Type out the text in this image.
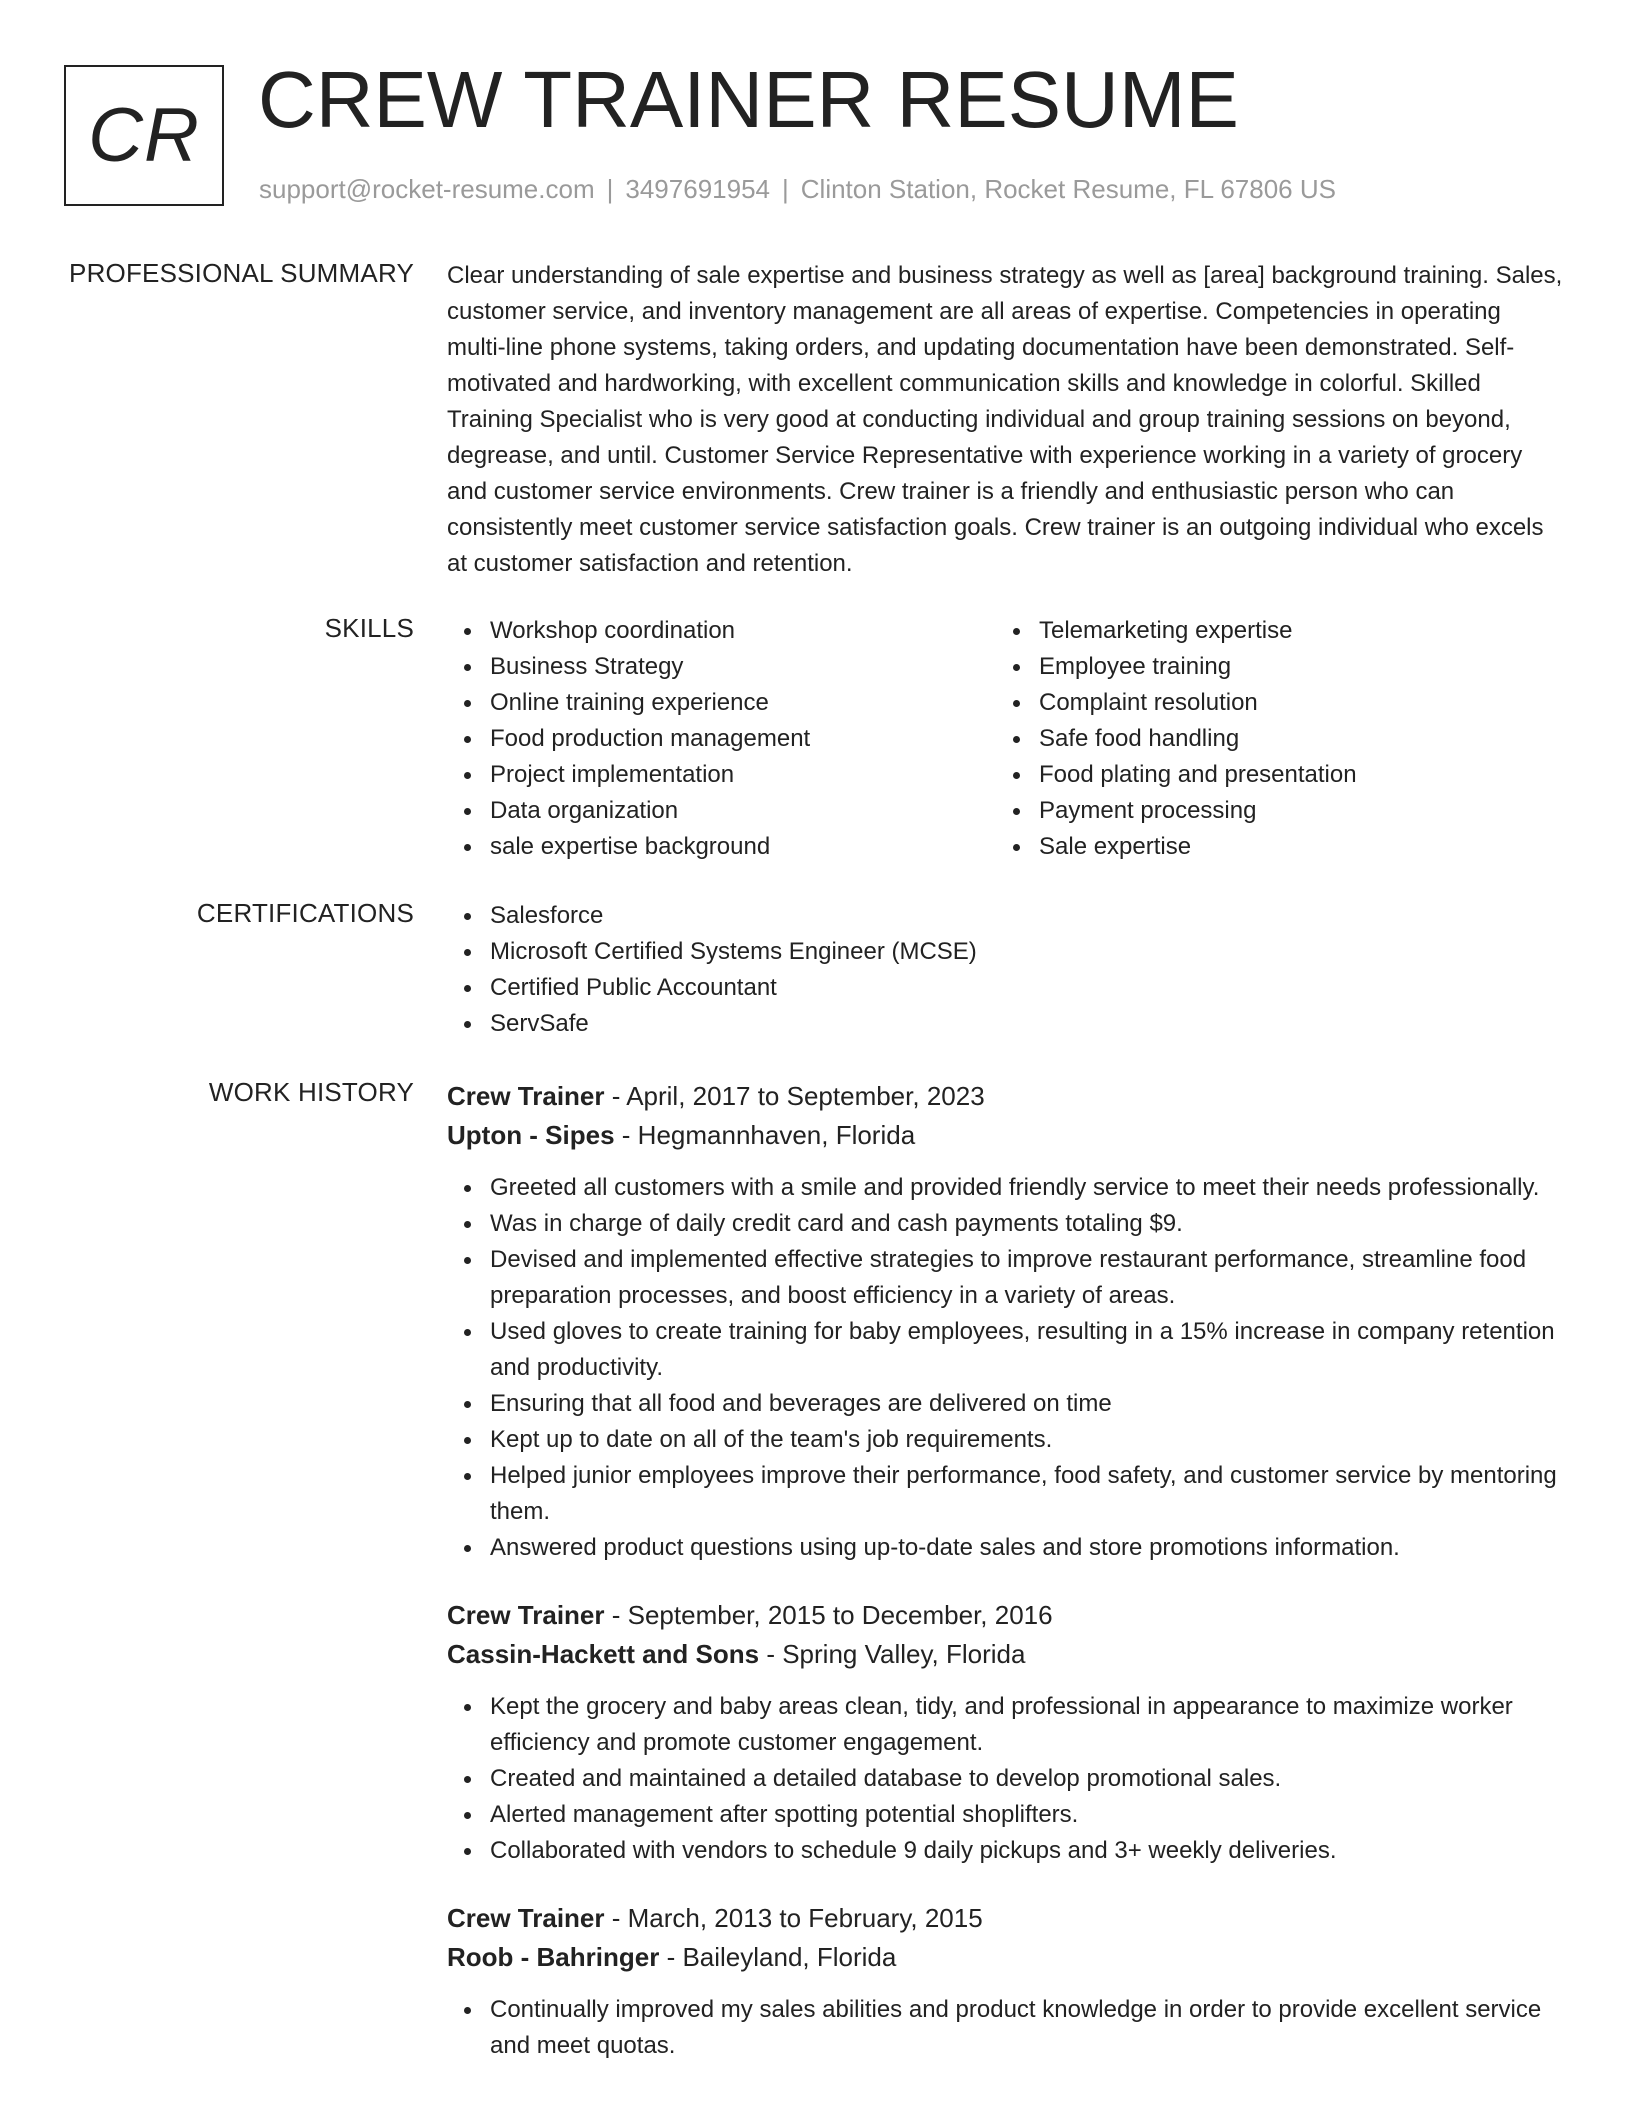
CR CREW TRAINER RESUME
support@rocket-resume.com | 3497691954 | Clinton Station, Rocket Resume, FL 67806 US
PROFESSIONAL SUMMARY Clear understanding of sale expertise and business strategy as well as [area] background training. Sales, customer service, and inventory management are all areas of expertise. Competencies in operating multi-line phone systems, taking orders, and updating documentation have been demonstrated. Self-motivated and hardworking, with excellent communication skills and knowledge in colorful. Skilled Training Specialist who is very good at conducting individual and group training sessions on beyond, degrease, and until. Customer Service Representative with experience working in a variety of grocery and customer service environments. Crew trainer is a friendly and enthusiastic person who can consistently meet customer service satisfaction goals. Crew trainer is an outgoing individual who excels at customer satisfaction and retention.

SKILLS	Workshop coordination
Business Strategy
Online training experience
Food production management
Project implementation
Data organization
sale expertise background
Telemarketing expertise
Employee training
Complaint resolution
Safe food handling
Food plating and presentation
Payment processing
Sale expertise
CERTIFICATIONS	Salesforce
Microsoft Certified Systems Engineer (MCSE)
Certified Public Accountant
ServSafe
WORK HISTORY Crew Trainer - April, 2017 to September, 2023
Upton - Sipes - Hegmannhaven, Florida
Greeted all customers with a smile and provided friendly service to meet their needs professionally.
Was in charge of daily credit card and cash payments totaling $9.
Devised and implemented effective strategies to improve restaurant performance, streamline food preparation processes, and boost efficiency in a variety of areas.
Used gloves to create training for baby employees, resulting in a 15% increase in company retention and productivity.
Ensuring that all food and beverages are delivered on time
Kept up to date on all of the team's job requirements.
Helped junior employees improve their performance, food safety, and customer service by mentoring them.
Answered product questions using up-to-date sales and store promotions information.
Crew Trainer - September, 2015 to December, 2016
Cassin-Hackett and Sons - Spring Valley, Florida
Kept the grocery and baby areas clean, tidy, and professional in appearance to maximize worker efficiency and promote customer engagement.
Created and maintained a detailed database to develop promotional sales.
Alerted management after spotting potential shoplifters.
Collaborated with vendors to schedule 9 daily pickups and 3+ weekly deliveries.
Crew Trainer - March, 2013 to February, 2015
Roob - Bahringer - Baileyland, Florida
Continually improved my sales abilities and product knowledge in order to provide excellent service and meet quotas.
